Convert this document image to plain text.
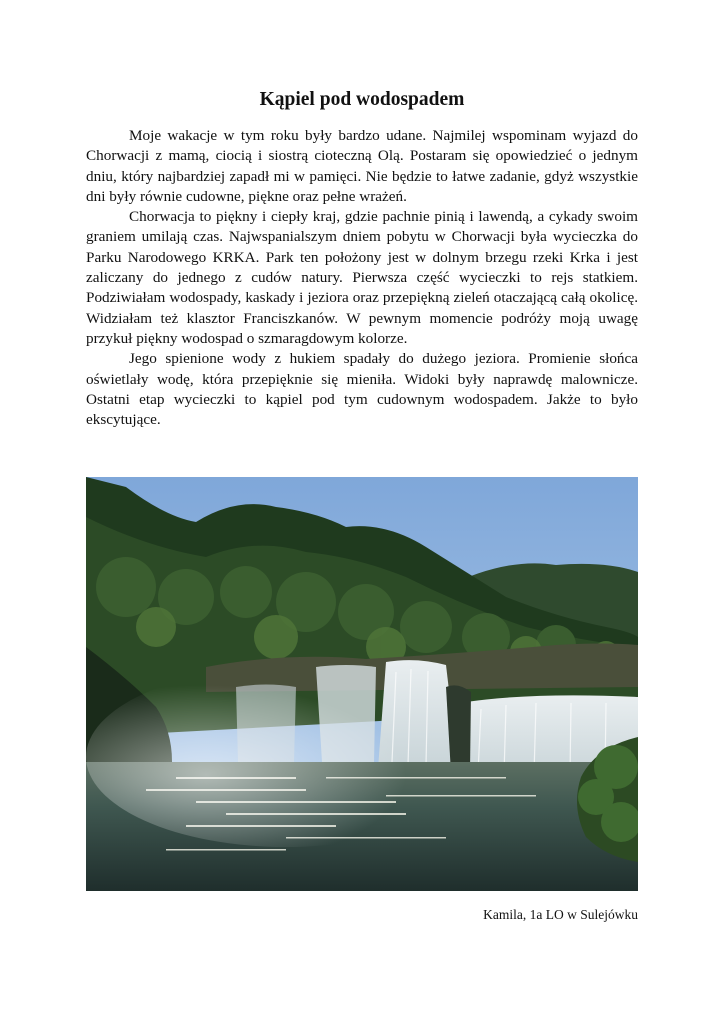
Kąpiel pod wodospadem

Moje wakacje w tym roku były bardzo udane. Najmilej wspominam wyjazd do Chorwacji z mamą, ciocią i siostrą cioteczną Olą. Postaram się opowiedzieć o jednym dniu, który najbardziej zapadł mi w pamięci. Nie będzie to łatwe zadanie, gdyż wszystkie dni były równie cudowne, piękne oraz pełne wrażeń.

Chorwacja to piękny i ciepły kraj, gdzie pachnie pinią i lawendą, a cykady swoim graniem umilają czas. Najwspanialszym dniem pobytu w Chorwacji była wycieczka do Parku Narodowego KRKA. Park ten położony jest w dolnym brzegu rzeki Krka i jest zaliczany do jednego z cudów natury. Pierwsza część wycieczki to rejs statkiem. Podziwiałam wodospady, kaskady i jeziora oraz przepiękną zieleń otaczającą całą okolicę. Widziałam też klasztor Franciszkanów. W pewnym momencie podróży moją uwagę przykuł piękny wodospad o szmaragdowym kolorze.

Jego spienione wody z hukiem spadały do dużego jeziora. Promienie słońca oświetlały wodę, która przepięknie się mieniła. Widoki były naprawdę malownicze. Ostatni etap wycieczki to kąpiel pod tym cudownym wodospadem. Jakże to było ekscytujące.

Kamila, 1a LO w Sulejówku
